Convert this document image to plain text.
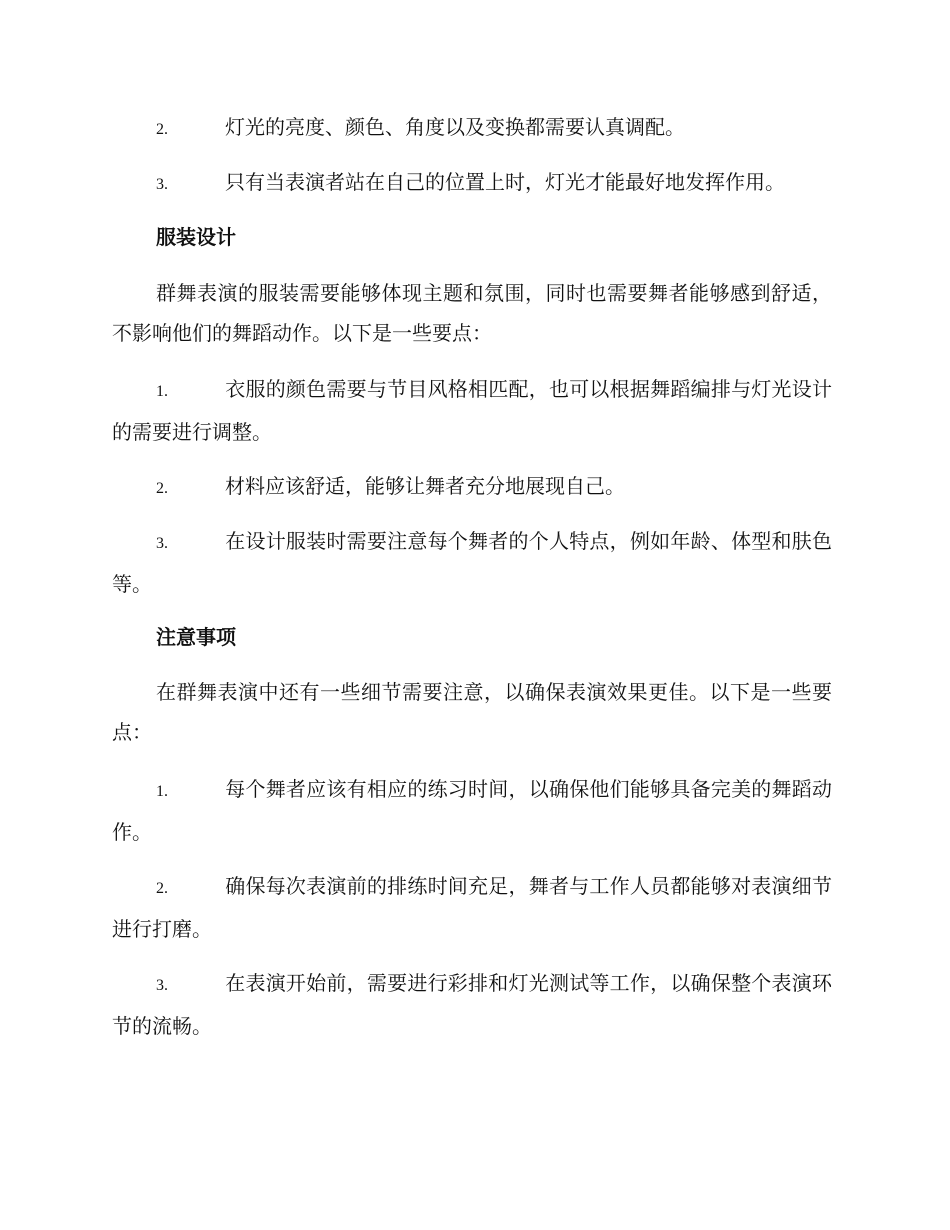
2.	灯光的亮度、颜色、角度以及变换都需要认真调配。
3.	只有当表演者站在自己的位置上时，灯光才能最好地发挥作用。
服装设计
群舞表演的服装需要能够体现主题和氛围，同时也需要舞者能够感到舒适，不影响他们的舞蹈动作。以下是一些要点：
1.	衣服的颜色需要与节目风格相匹配，也可以根据舞蹈编排与灯光设计的需要进行调整。
2.	材料应该舒适，能够让舞者充分地展现自己。
3.	在设计服装时需要注意每个舞者的个人特点，例如年龄、体型和肤色等。
注意事项
在群舞表演中还有一些细节需要注意，以确保表演效果更佳。以下是一些要点：
1.	每个舞者应该有相应的练习时间，以确保他们能够具备完美的舞蹈动作。
2.	确保每次表演前的排练时间充足，舞者与工作人员都能够对表演细节进行打磨。
3.	在表演开始前，需要进行彩排和灯光测试等工作，以确保整个表演环节的流畅。
